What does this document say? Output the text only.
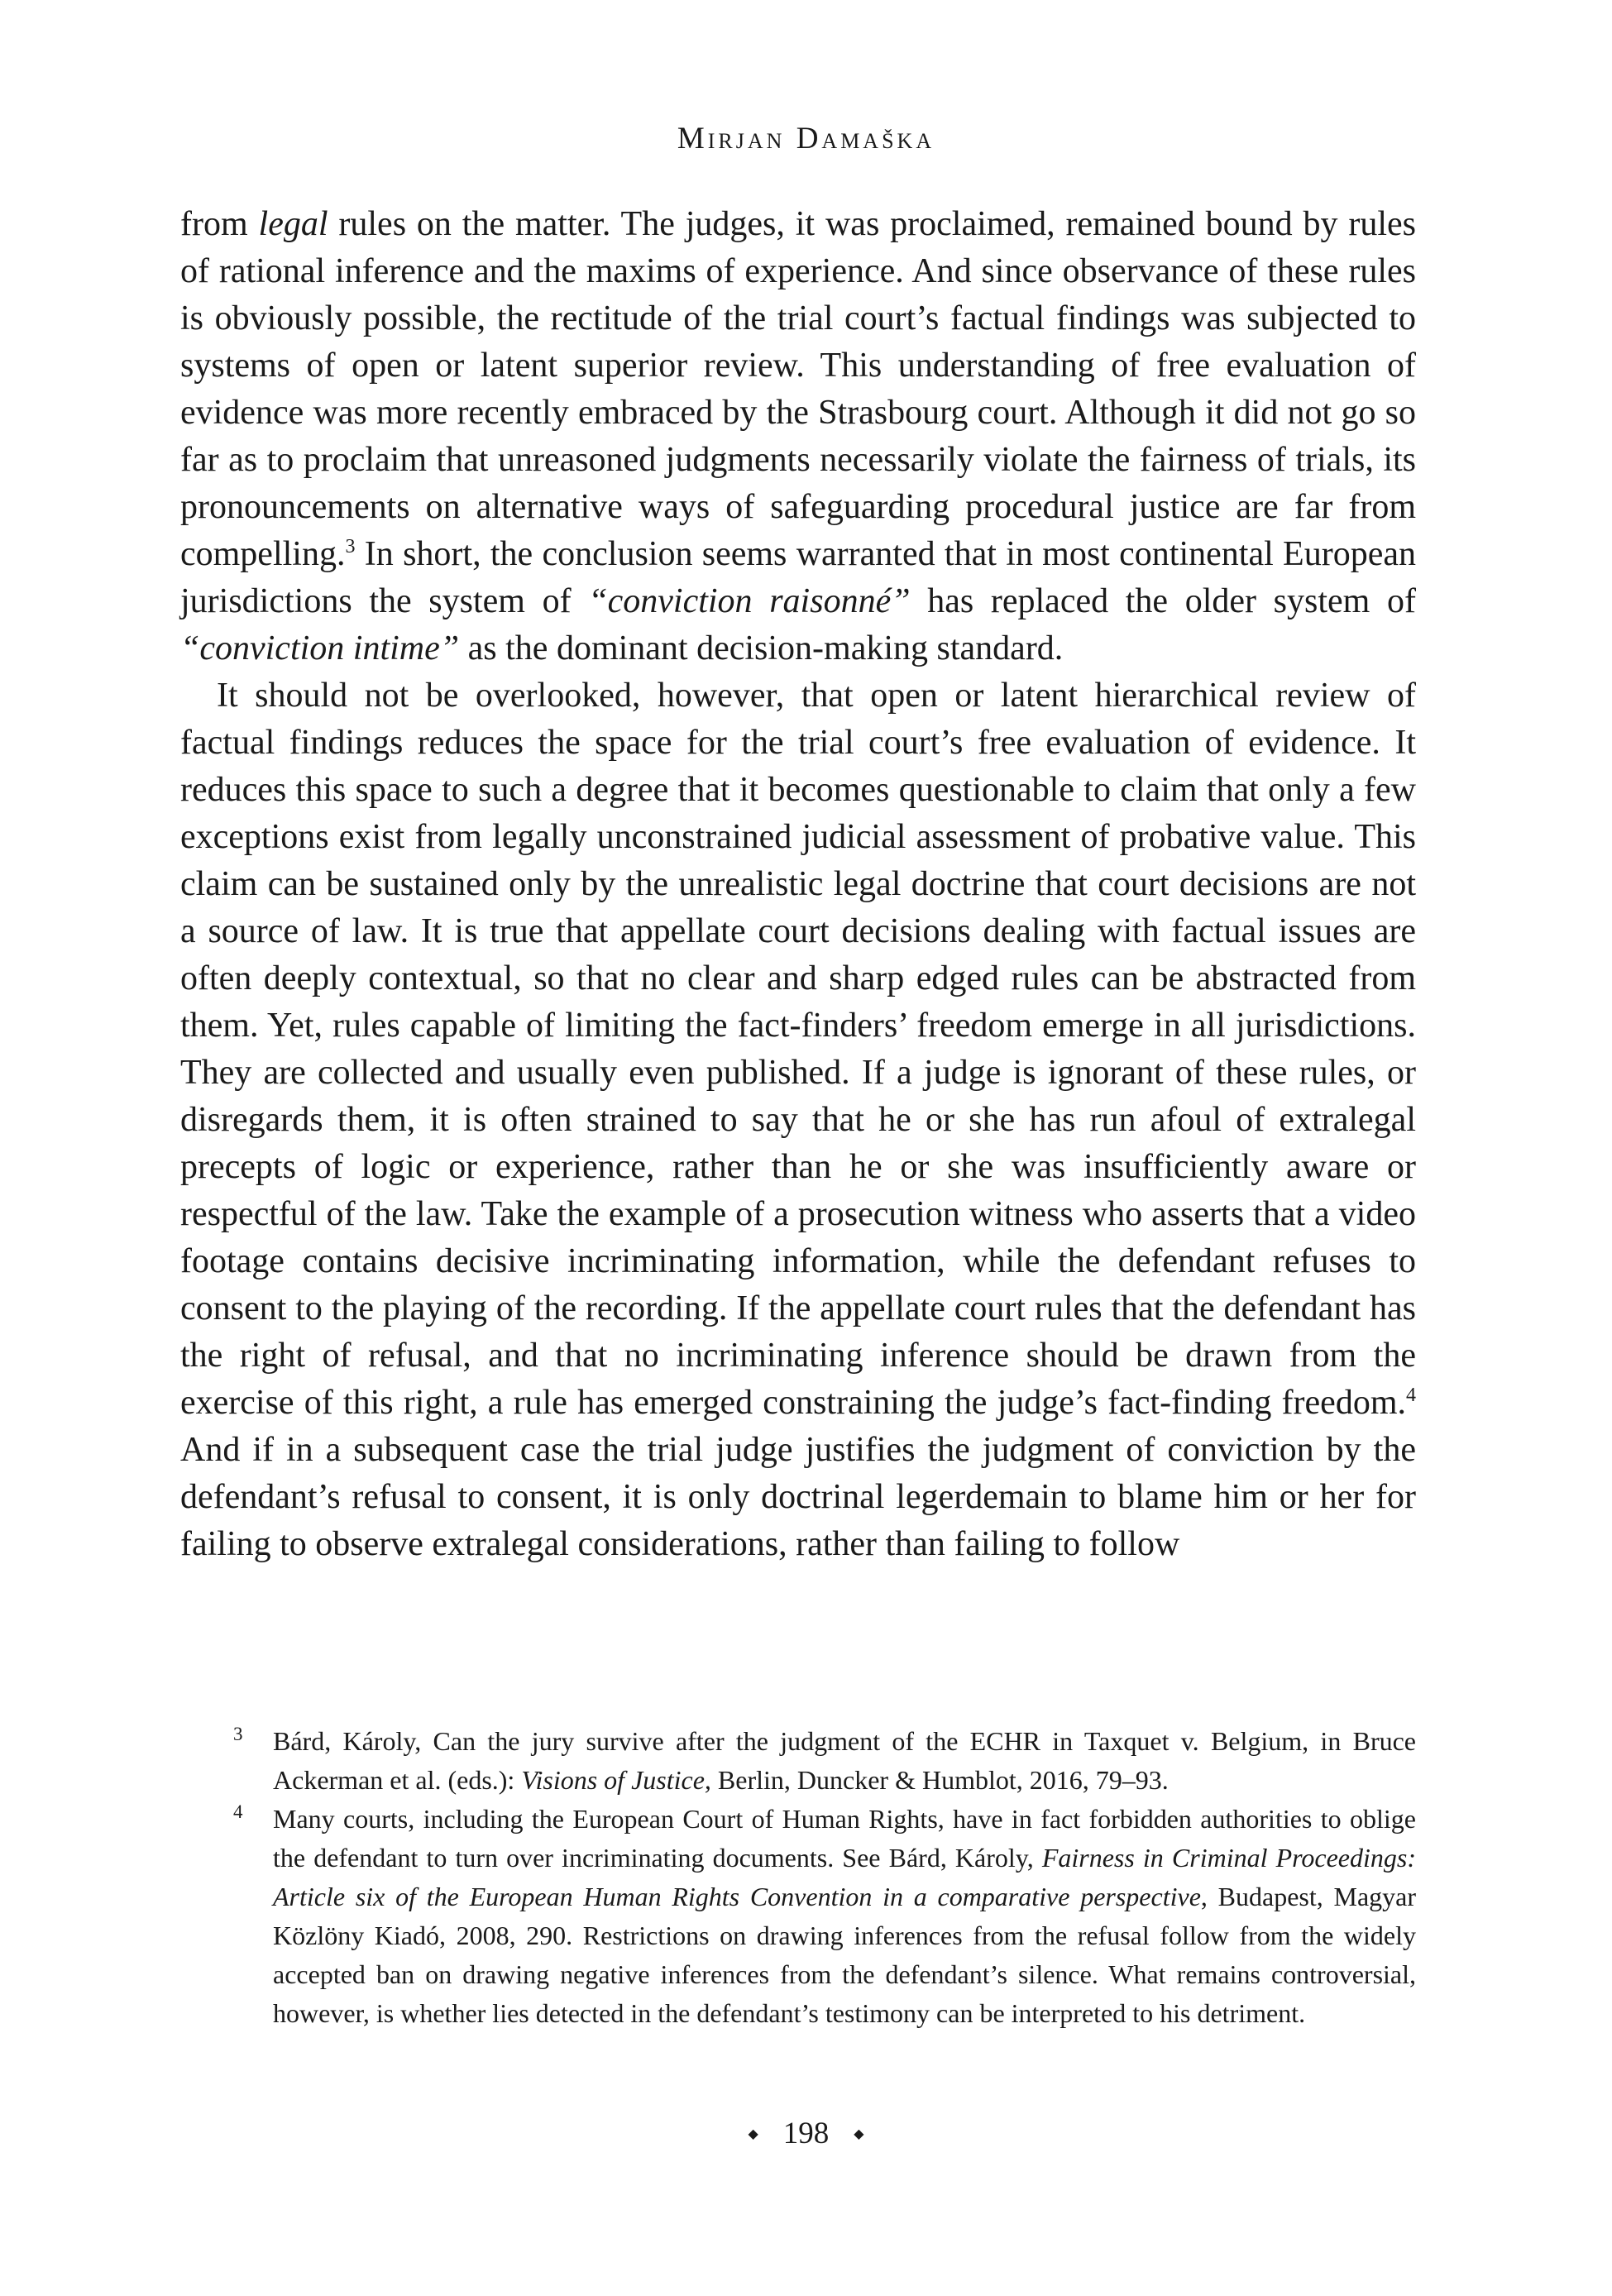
Mirjan Damaška

from legal rules on the matter. The judges, it was proclaimed, remained bound by rules of rational inference and the maxims of experience. And since observance of these rules is obviously possible, the rectitude of the trial court’s factual findings was subjected to systems of open or latent superior review. This understanding of free evaluation of evidence was more recently embraced by the Strasbourg court. Although it did not go so far as to proclaim that unreasoned judgments necessarily violate the fairness of trials, its pronouncements on alternative ways of safeguarding procedural justice are far from compelling.$^3$ In short, the conclusion seems warranted that in most continental European jurisdictions the system of “conviction raisonné” has replaced the older system of “conviction intime” as the dominant decision-making standard.

It should not be overlooked, however, that open or latent hierarchical review of factual findings reduces the space for the trial court’s free evaluation of evidence. It reduces this space to such a degree that it becomes questionable to claim that only a few exceptions exist from legally unconstrained judicial assessment of probative value. This claim can be sustained only by the unrealistic legal doctrine that court decisions are not a source of law. It is true that appellate court decisions dealing with factual issues are often deeply contextual, so that no clear and sharp edged rules can be abstracted from them. Yet, rules capable of limiting the fact-finders’ freedom emerge in all jurisdictions. They are collected and usually even published. If a judge is ignorant of these rules, or disregards them, it is often strained to say that he or she has run afoul of extralegal precepts of logic or experience, rather than he or she was insufficiently aware or respectful of the law. Take the example of a prosecution witness who asserts that a video footage contains decisive incriminating information, while the defendant refuses to consent to the playing of the recording. If the appellate court rules that the defendant has the right of refusal, and that no incriminating inference should be drawn from the exercise of this right, a rule has emerged constraining the judge’s fact-finding freedom.$^4$ And if in a subsequent case the trial judge justifies the judgment of conviction by the defendant’s refusal to consent, it is only doctrinal legerdemain to blame him or her for failing to observe extralegal considerations, rather than failing to follow

3 Bárd, Károly, Can the jury survive after the judgment of the ECHR in Taxquet v. Belgium, in Bruce Ackerman et al. (eds.): Visions of Justice, Berlin, Duncker & Humblot, 2016, 79–93.

4 Many courts, including the European Court of Human Rights, have in fact forbidden authorities to oblige the defendant to turn over incriminating documents. See Bárd, Károly, Fairness in Criminal Proceedings: Article six of the European Human Rights Convention in a comparative perspective, Budapest, Magyar Közlöny Kiadó, 2008, 290. Restrictions on drawing inferences from the refusal follow from the widely accepted ban on drawing negative inferences from the defendant’s silence. What remains controversial, however, is whether lies detected in the defendant’s testimony can be interpreted to his detriment.

◆ 198 ◆
